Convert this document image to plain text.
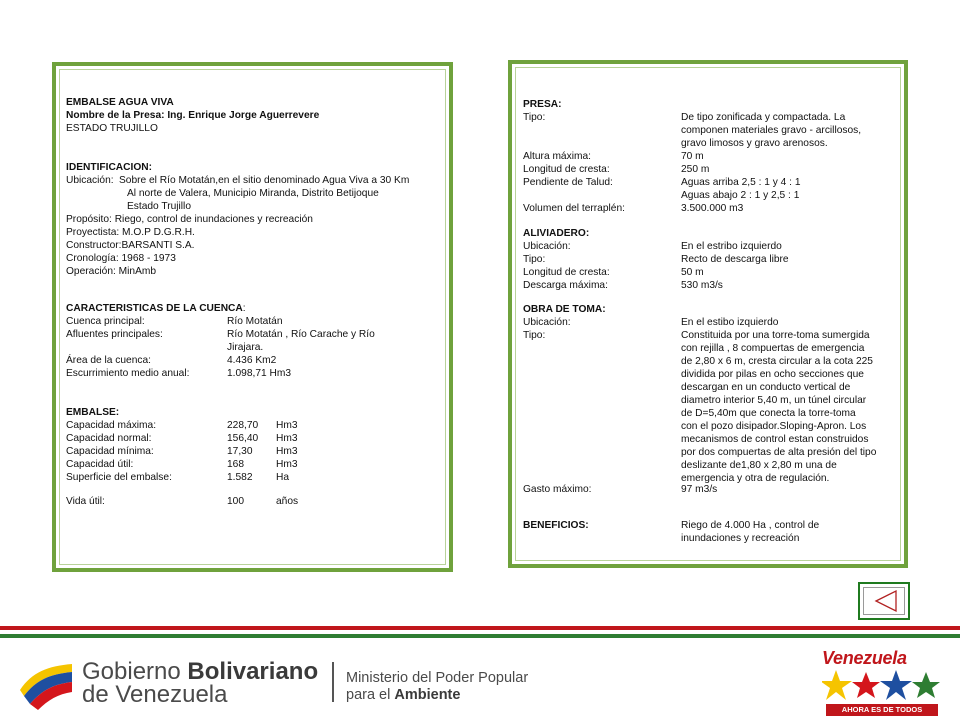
EMBALSE AGUA VIVA
Nombre de la Presa: Ing. Enrique Jorge Aguerrevere
ESTADO TRUJILLO
IDENTIFICACION:
Ubicación: Sobre el Río Motatán,en el sitio denominado Agua Viva a 30 Km
Al norte de Valera, Municipio Miranda, Distrito Betijoque
Estado Trujillo
Propósito: Riego, control de inundaciones y recreación
Proyectista: M.O.P D.G.R.H.
Constructor:BARSANTI S.A.
Cronología: 1968 - 1973
Operación: MinAmb
CARACTERISTICAS DE LA CUENCA:
Cuenca principal:	Río Motatán
Afluentes principales:	Río Motatán , Río Carache y Río
Jirajara.
Área de la cuenca:	4.436 Km2
Escurrimiento medio anual:	1.098,71 Hm3
EMBALSE:
Capacidad máxima:	228,70 Hm3
Capacidad normal:	156,40 Hm3
Capacidad mínima:	17,30 Hm3
Capacidad útil:	168	Hm3
Superficie del embalse:	1.582 Ha
Vida útil:	100	años
PRESA:
Tipo:	De tipo zonificada y compactada. La
componen materiales gravo - arcillosos,
gravo limosos y gravo arenosos.
Altura máxima:	70 m
Longitud de cresta:	250 m
Pendiente de Talud:	Aguas arriba 2,5 : 1 y 4 : 1
Aguas abajo 2 : 1 y 2,5 : 1
Volumen del terraplén:	3.500.000 m3
ALIVIADERO:
Ubicación:	En el estribo izquierdo
Tipo:	Recto de descarga libre
Longitud de cresta:	50 m
Descarga máxima:	530 m3/s
OBRA DE TOMA:
Ubicación:	En el estibo izquierdo
Tipo:	Constituida por una torre-toma sumergida
con rejilla , 8 compuertas de emergencia
de 2,80 x 6 m, cresta circular a la cota 225
dividida por pilas en ocho secciones que
descargan en un conducto vertical de
diametro interior 5,40 m, un túnel circular
de D=5,40m que conecta la torre-toma
con el pozo disipador.Sloping-Apron. Los
mecanismos de control estan construidos
por dos compuertas de alta presión del tipo
deslizante de1,80 x 2,80 m una de
emergencia y otra de regulación.
Gasto máximo:	97 m3/s
BENEFICIOS:	Riego de 4.000 Ha , control de
inundaciones y recreación
Gobierno Bolivariano
de Venezuela
Ministerio del Poder Popular
para el Ambiente
Venezuela
AHORA ES DE TODOS
